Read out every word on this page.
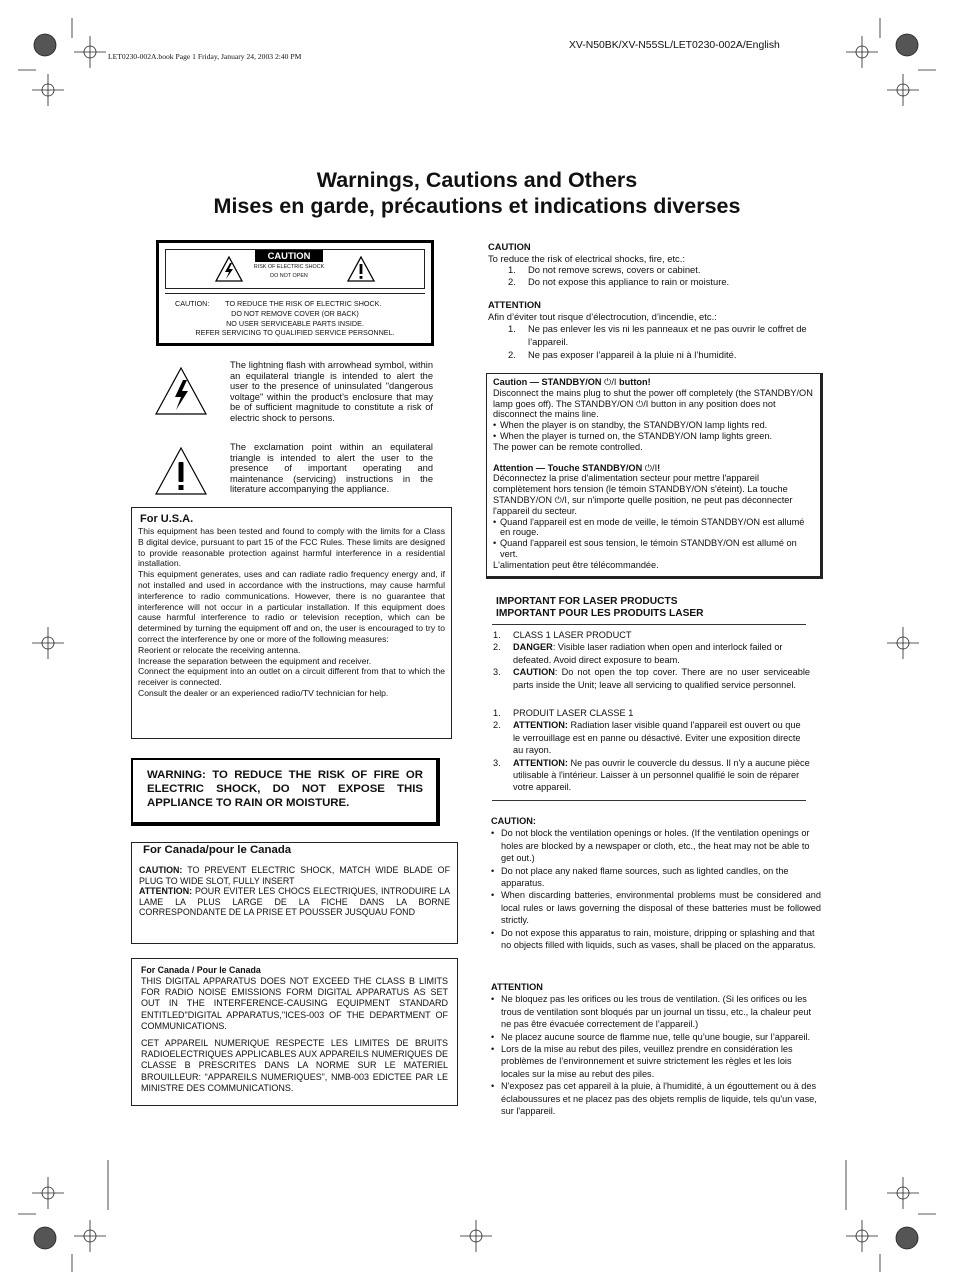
XV-N50BK/XV-N55SL/LET0230-002A/English
LET0230-002A.book Page 1 Friday, January 24, 2003 2:40 PM
Warnings, Cautions and Others
Mises en garde, précautions et indications diverses
CAUTION
RISK OF ELECTRIC SHOCK
DO NOT OPEN
CAUTION:        TO REDUCE THE RISK OF ELECTRIC SHOCK.
DO NOT REMOVE COVER (OR BACK)
NO USER SERVICEABLE PARTS INSIDE.
REFER SERVICING TO QUALIFIED SERVICE PERSONNEL.
The lightning flash with arrowhead symbol, within an equilateral triangle is intended to alert the user to the presence of uninsulated "dangerous voltage" within the product's enclosure that may be of sufficient magnitude to constitute a risk of electric shock to persons.
The exclamation point within an equilateral triangle is intended to alert the user to the presence of important operating and maintenance (servicing) instructions in the literature accompanying the appliance.
For U.S.A.
This equipment has been tested and found to comply with the limits for a Class B digital device, pursuant to part 15 of the FCC Rules. These limits are designed to provide reasonable protection against harmful interference in a residential installation.
This equipment generates, uses and can radiate radio frequency energy and, if not installed and used in accordance with the instructions, may cause harmful interference to radio communications. However, there is no guarantee that interference will not occur in a particular installation. If this equipment does cause harmful interference to radio or television reception, which can be determined by turning the equipment off and on, the user is encouraged to try to correct the interference by one or more of the following measures:
Reorient or relocate the receiving antenna.
Increase the separation between the equipment and receiver.
Connect the equipment into an outlet on a circuit different from that to which the receiver is connected.
Consult the dealer or an experienced radio/TV technician for help.
WARNING: TO REDUCE THE RISK OF FIRE OR ELECTRIC SHOCK, DO NOT EXPOSE THIS APPLIANCE TO RAIN OR MOISTURE.
For Canada/pour le Canada
CAUTION: TO PREVENT ELECTRIC SHOCK, MATCH WIDE BLADE OF PLUG TO WIDE SLOT, FULLY INSERT
ATTENTION: POUR EVITER LES CHOCS ELECTRIQUES, INTRODUIRE LA LAME LA PLUS LARGE DE LA FICHE DANS LA BORNE CORRESPONDANTE DE LA PRISE ET POUSSER JUSQUAU FOND
For Canada / Pour le Canada
THIS DIGITAL APPARATUS DOES NOT EXCEED THE CLASS B LIMITS FOR RADIO NOISE EMISSIONS FORM DIGITAL APPARATUS AS SET OUT IN THE INTERFERENCE-CAUSING EQUIPMENT STANDARD ENTITLED"DIGITAL APPARATUS,"ICES-003 OF THE DEPARTMENT OF COMMUNICATIONS.
CET APPAREIL NUMERIQUE RESPECTE LES LIMITES DE BRUITS RADIOELECTRIQUES APPLICABLES AUX APPAREILS NUMERIQUES DE CLASSE B PRESCRITES DANS LA NORME SUR LE MATERIEL BROUILLEUR: “APPAREILS NUMERIQUES”, NMB-003 EDICTEE PAR LE MINISTRE DES COMMUNICATIONS.
CAUTION
To reduce the risk of electrical shocks, fire, etc.:
1.	Do not remove screws, covers or cabinet.
2.	Do not expose this appliance to rain or moisture.
ATTENTION
Afin d’éviter tout risque d’électrocution, d’incendie, etc.:
1.	Ne pas enlever les vis ni les panneaux et ne pas ouvrir le coffret de l’appareil.
2.	Ne pas exposer l’appareil à la pluie ni à l’humidité.
Caution — STANDBY/ON ⏻/I button!
Disconnect the mains plug to shut the power off completely (the STANDBY/ON lamp goes off). The STANDBY/ON ⏻/I button in any position does not disconnect the mains line.
• When the player is on standby, the STANDBY/ON lamp lights red.
• When the player is turned on, the STANDBY/ON lamp lights green.
The power can be remote controlled.
Attention — Touche STANDBY/ON ⏻/I!
Déconnectez la prise d'alimentation secteur pour mettre l'appareil complètement hors tension (le témoin STANDBY/ON s'éteint). La touche STANDBY/ON ⏻/I, sur n'importe quelle position, ne peut pas déconnecter l'appareil du secteur.
• Quand l'appareil est en mode de veille, le témoin STANDBY/ON est allumé en rouge.
• Quand l'appareil est sous tension, le témoin STANDBY/ON est allumé on vert.
L'alimentation peut être télécommandée.
IMPORTANT FOR LASER PRODUCTS
IMPORTANT POUR LES PRODUITS LASER
1.	CLASS 1 LASER PRODUCT
2.	DANGER: Visible laser radiation when open and interlock failed or defeated. Avoid direct exposure to beam.
3.	CAUTION: Do not open the top cover. There are no user serviceable parts inside the Unit; leave all servicing to qualified service personnel.
1.	PRODUIT LASER CLASSE 1
2.	ATTENTION: Radiation laser visible quand l'appareil est ouvert ou que le verrouillage est en panne ou désactivé. Eviter une exposition directe au rayon.
3.	ATTENTION: Ne pas ouvrir le couvercle du dessus. Il n'y a aucune pièce utilisable à l'intérieur. Laisser à un personnel qualifié le soin de réparer votre appareil.
CAUTION:
• Do not block the ventilation openings or holes. (If the ventilation openings or holes are blocked by a newspaper or cloth, etc., the heat may not be able to get out.)
• Do not place any naked flame sources, such as lighted candles, on the apparatus.
• When discarding batteries, environmental problems must be considered and local rules or laws governing the disposal of these batteries must be followed strictly.
• Do not expose this apparatus to rain, moisture, dripping or splashing and that no objects filled with liquids, such as vases, shall be placed on the apparatus.
ATTENTION
• Ne bloquez pas les orifices ou les trous de ventilation. (Si les orifices ou les trous de ventilation sont bloqués par un journal un tissu, etc., la chaleur peut ne pas être évacuée correctement de l’appareil.)
• Ne placez aucune source de flamme nue, telle qu’une bougie, sur l’appareil.
• Lors de la mise au rebut des piles, veuillez prendre en considération les problèmes de l’environnement et suivre strictement les règles et les lois locales sur la mise au rebut des piles.
• N'exposez pas cet appareil à la pluie, à l'humidité, à un égouttement ou à des éclaboussures et ne placez pas des objets remplis de liquide, tels qu'un vase, sur l'appareil.
